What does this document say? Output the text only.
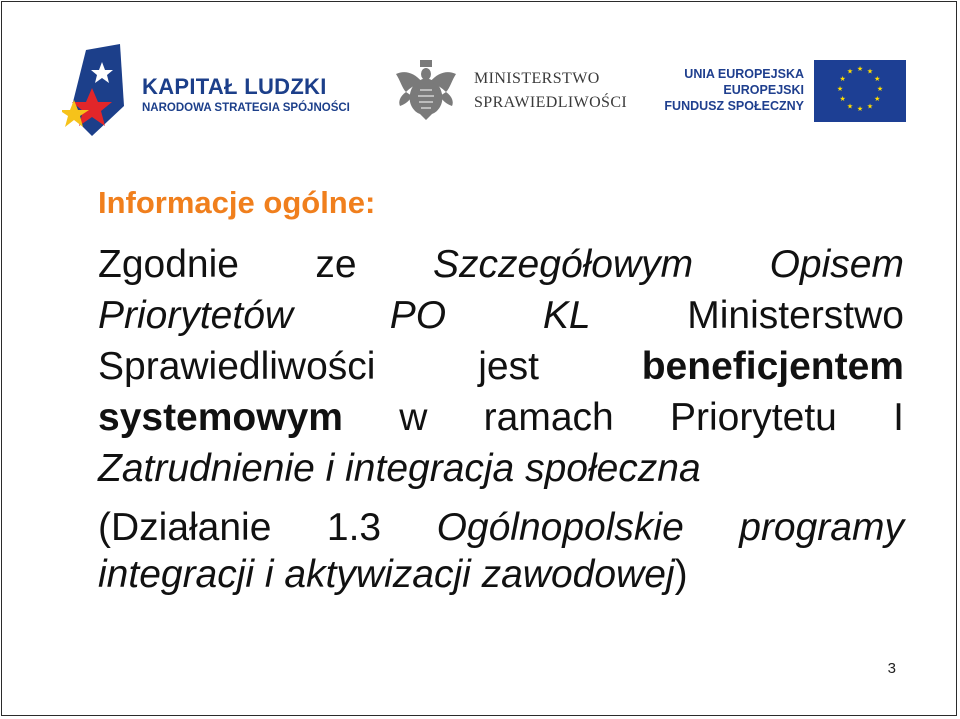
KAPITAŁ LUDZKI
NARODOWA STRATEGIA SPÓJNOŚCI
MINISTERSTWO
SPRAWIEDLIWOŚCI
UNIA EUROPEJSKA
EUROPEJSKI
FUNDUSZ SPOŁECZNY
★ ★
★
★
★
★
★
★
★
★
★
★
Informacje ogólne:
Zgodnie ze Szczegółowym Opisem
Priorytetów PO KL Ministerstwo
Sprawiedliwości	jest	beneficjentem
systemowym w ramach Priorytetu I
Zatrudnienie i integracja społeczna
(Działanie 1.3 Ogólnopolskie programy
integracji i aktywizacji zawodowej)
3
